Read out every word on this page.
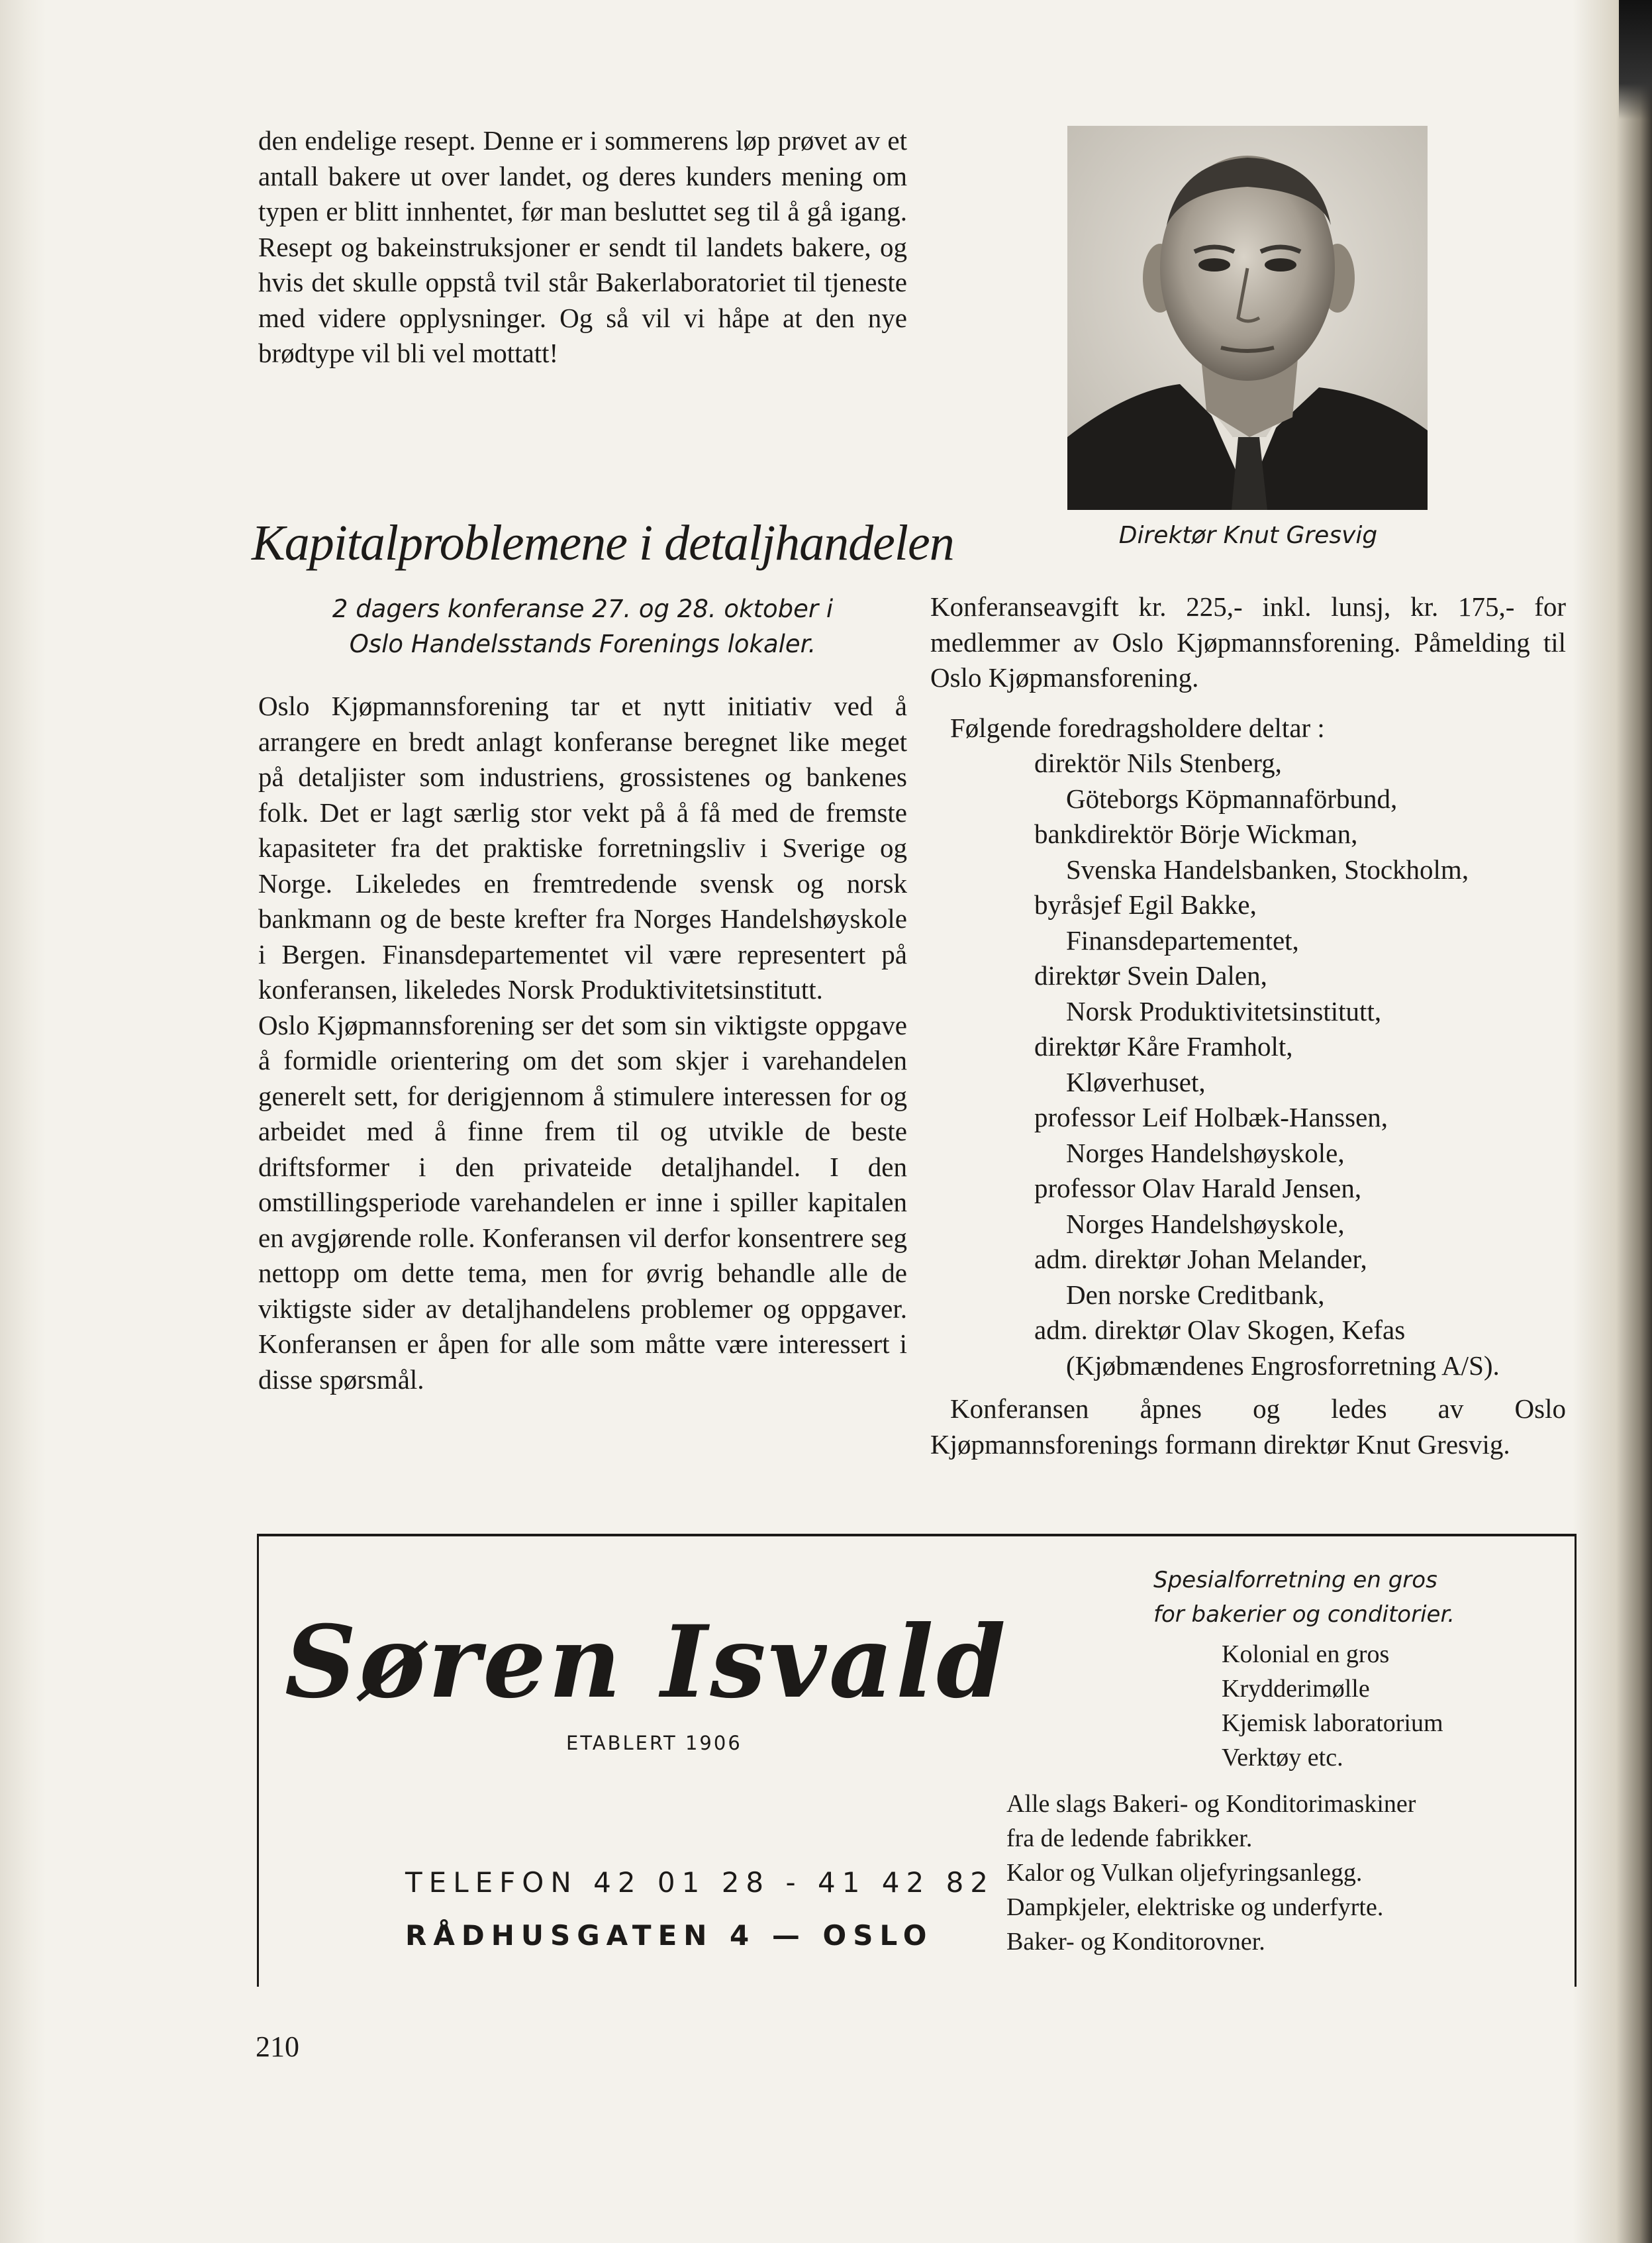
den endelige resept. Denne er i sommerens løp prøvet av et antall bakere ut over landet, og deres kunders mening om typen er blitt innhentet, før man besluttet seg til å gå igang. Resept og bakeinstruksjoner er sendt til landets bakere, og hvis det skulle oppstå tvil står Bakerlaboratoriet til tjeneste med videre opplysninger. Og så vil vi håpe at den nye brødtype vil bli vel mottatt!

Direktør Knut Gresvig
Kapitalproblemene i detaljhandelen
2 dagers konferanse 27. og 28. oktober i
Oslo Handelsstands Forenings lokaler.

Oslo Kjøpmannsforening tar et nytt initiativ ved å arrangere en bredt anlagt konferanse beregnet like meget på detaljister som industriens, grossistenes og bankenes folk. Det er lagt særlig stor vekt på å få med de fremste kapasiteter fra det praktiske forretningsliv i Sverige og Norge. Likeledes en fremtredende svensk og norsk bankmann og de beste krefter fra Norges Handelshøyskole i Bergen. Finansdepartementet vil være representert på konferansen, likeledes Norsk Produktivitetsinstitutt.

Oslo Kjøpmannsforening ser det som sin viktigste oppgave å formidle orientering om det som skjer i varehandelen generelt sett, for derigjennom å stimulere interessen for og arbeidet med å finne frem til og utvikle de beste driftsformer i den privateide detaljhandel. I den omstillingsperiode varehandelen er inne i spiller kapitalen en avgjørende rolle. Konferansen vil derfor konsentrere seg nettopp om dette tema, men for øvrig behandle alle de viktigste sider av detaljhandelens problemer og oppgaver. Konferansen er åpen for alle som måtte være interessert i disse spørsmål.

Konferanseavgift kr. 225,- inkl. lunsj, kr. 175,- for medlemmer av Oslo Kjøpmannsforening. Påmelding til Oslo Kjøpmansforening.

Følgende foredragsholdere deltar :

direktör Nils Stenberg,
Göteborgs Köpmannaförbund,
bankdirektör Börje Wickman,
Svenska Handelsbanken, Stockholm,
byråsjef Egil Bakke,
Finansdepartementet,
direktør Svein Dalen,
Norsk Produktivitetsinstitutt,
direktør Kåre Framholt,
Kløverhuset,
professor Leif Holbæk-Hanssen,
Norges Handelshøyskole,
professor Olav Harald Jensen,
Norges Handelshøyskole,
adm. direktør Johan Melander,
Den norske Creditbank,
adm. direktør Olav Skogen, Kefas
(Kjøbmændenes Engrosforretning A/S).

Konferansen åpnes og ledes av Oslo Kjøpmannsforenings formann direktør Knut Gresvig.

Søren Isvald
ETABLERT 1906
TELEFON 42 01 28 - 41 42 82
RÅDHUSGATEN 4 — OSLO
Spesialforretning en gros
for bakerier og conditorier.
Kolonial en gros
Krydderimølle
Kjemisk laboratorium
Verktøy etc.
Alle slags Bakeri- og Konditorimaskiner
fra de ledende fabrikker.
Kalor og Vulkan oljefyringsanlegg.
Dampkjeler, elektriske og underfyrte.
Baker- og Konditorovner.
210
